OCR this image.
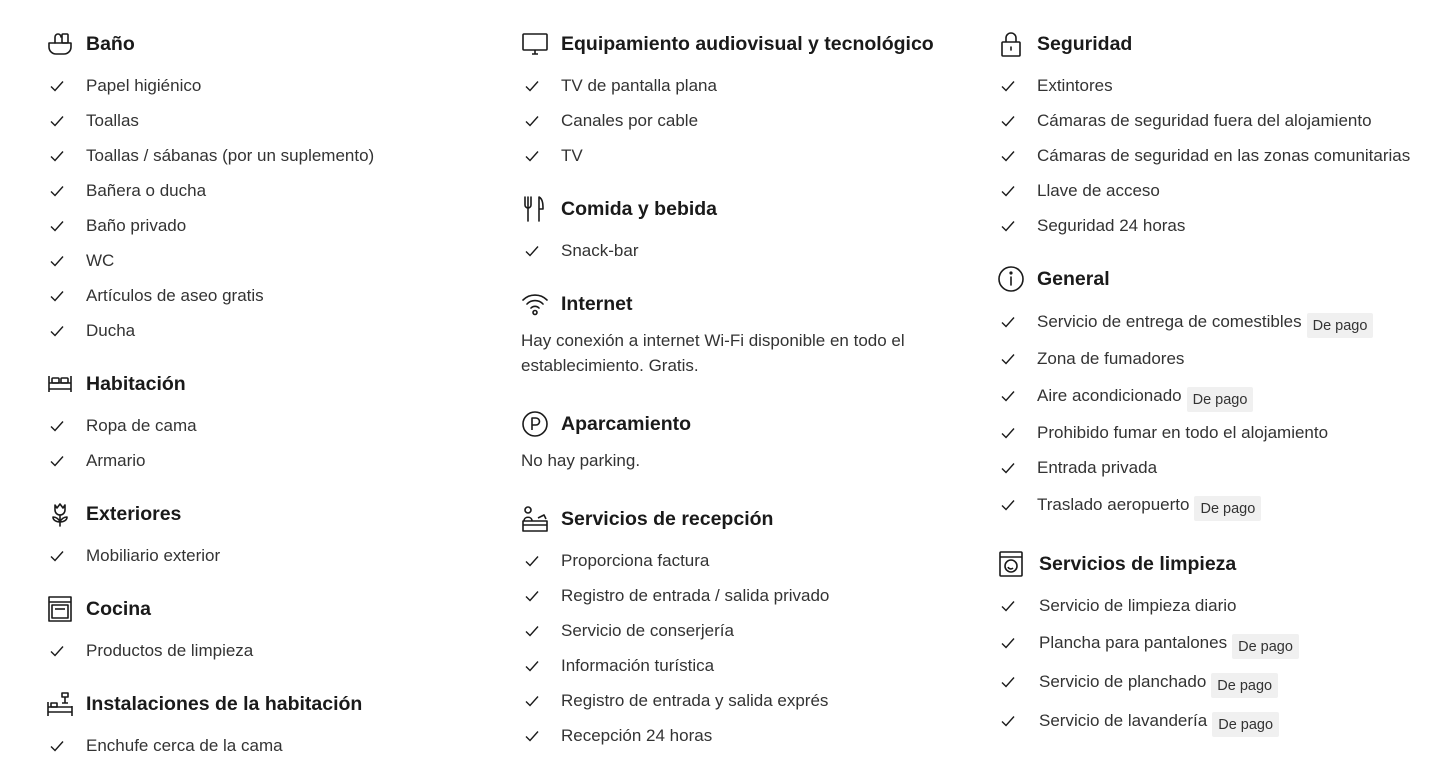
Baño
Papel higiénico
Toallas
Toallas / sábanas (por un suplemento)
Bañera o ducha
Baño privado
WC
Artículos de aseo gratis
Ducha
Habitación
Ropa de cama
Armario
Exteriores
Mobiliario exterior
Cocina
Productos de limpieza
Instalaciones de la habitación
Enchufe cerca de la cama
Equipamiento audiovisual y tecnológico
TV de pantalla plana
Canales por cable
TV
Comida y bebida
Snack-bar
Internet

Hay conexión a internet Wi-Fi disponible en todo el establecimiento. Gratis.

Aparcamiento

No hay parking.

Servicios de recepción
Proporciona factura
Registro de entrada / salida privado
Servicio de conserjería
Información turística
Registro de entrada y salida exprés
Recepción 24 horas
Seguridad
Extintores
Cámaras de seguridad fuera del alojamiento
Cámaras de seguridad en las zonas comunitarias
Llave de acceso
Seguridad 24 horas
General
Servicio de entrega de comestibles De pago
Zona de fumadores
Aire acondicionado De pago
Prohibido fumar en todo el alojamiento
Entrada privada
Traslado aeropuerto De pago
Servicios de limpieza
Servicio de limpieza diario
Plancha para pantalones De pago
Servicio de planchado De pago
Servicio de lavandería De pago
